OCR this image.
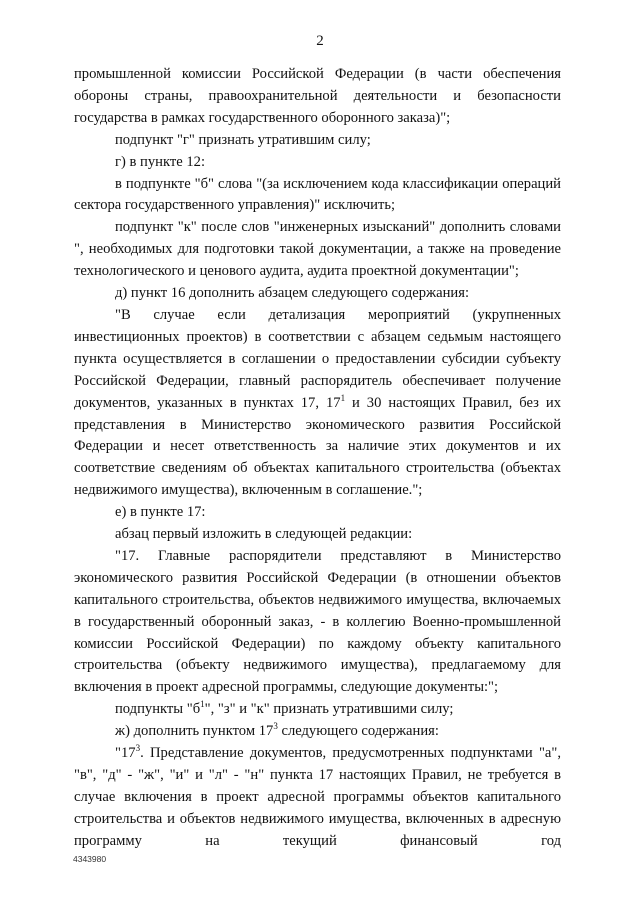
2

промышленной комиссии Российской Федерации (в части обеспечения обороны страны, правоохранительной деятельности и безопасности государства в рамках государственного оборонного заказа)";

подпункт "г" признать утратившим силу;

г) в пункте 12:

в подпункте "б" слова "(за исключением кода классификации операций сектора государственного управления)" исключить;

подпункт "к" после слов "инженерных изысканий" дополнить словами ", необходимых для подготовки такой документации, а также на проведение технологического и ценового аудита, аудита проектной документации";

д) пункт 16 дополнить абзацем следующего содержания:

"В случае если детализация мероприятий (укрупненных инвестиционных проектов) в соответствии с абзацем седьмым настоящего пункта осуществляется в соглашении о предоставлении субсидии субъекту Российской Федерации, главный распорядитель обеспечивает получение документов, указанных в пунктах 17, $17^1$ и 30 настоящих Правил, без их представления в Министерство экономического развития Российской Федерации и несет ответственность за наличие этих документов и их соответствие сведениям об объектах капитального строительства (объектах недвижимого имущества), включенным в соглашение.";

е) в пункте 17:

абзац первый изложить в следующей редакции:

"17. Главные распорядители представляют в Министерство экономического развития Российской Федерации (в отношении объектов капитального строительства, объектов недвижимого имущества, включаемых в государственный оборонный заказ, - в коллегию Военно-промышленной комиссии Российской Федерации) по каждому объекту капитального строительства (объекту недвижимого имущества), предлагаемому для включения в проект адресной программы, следующие документы:";

подпункты "$б^1$", "з" и "к" признать утратившими силу;

ж) дополнить пунктом $17^3$ следующего содержания:

"$17^3$. Представление документов, предусмотренных подпунктами "а", "в", "д" - "ж", "и" и "л" - "н" пункта 17 настоящих Правил, не требуется в случае включения в проект адресной программы объектов капитального строительства и объектов недвижимого имущества, включенных в адресную программу на текущий финансовый год

4343980
